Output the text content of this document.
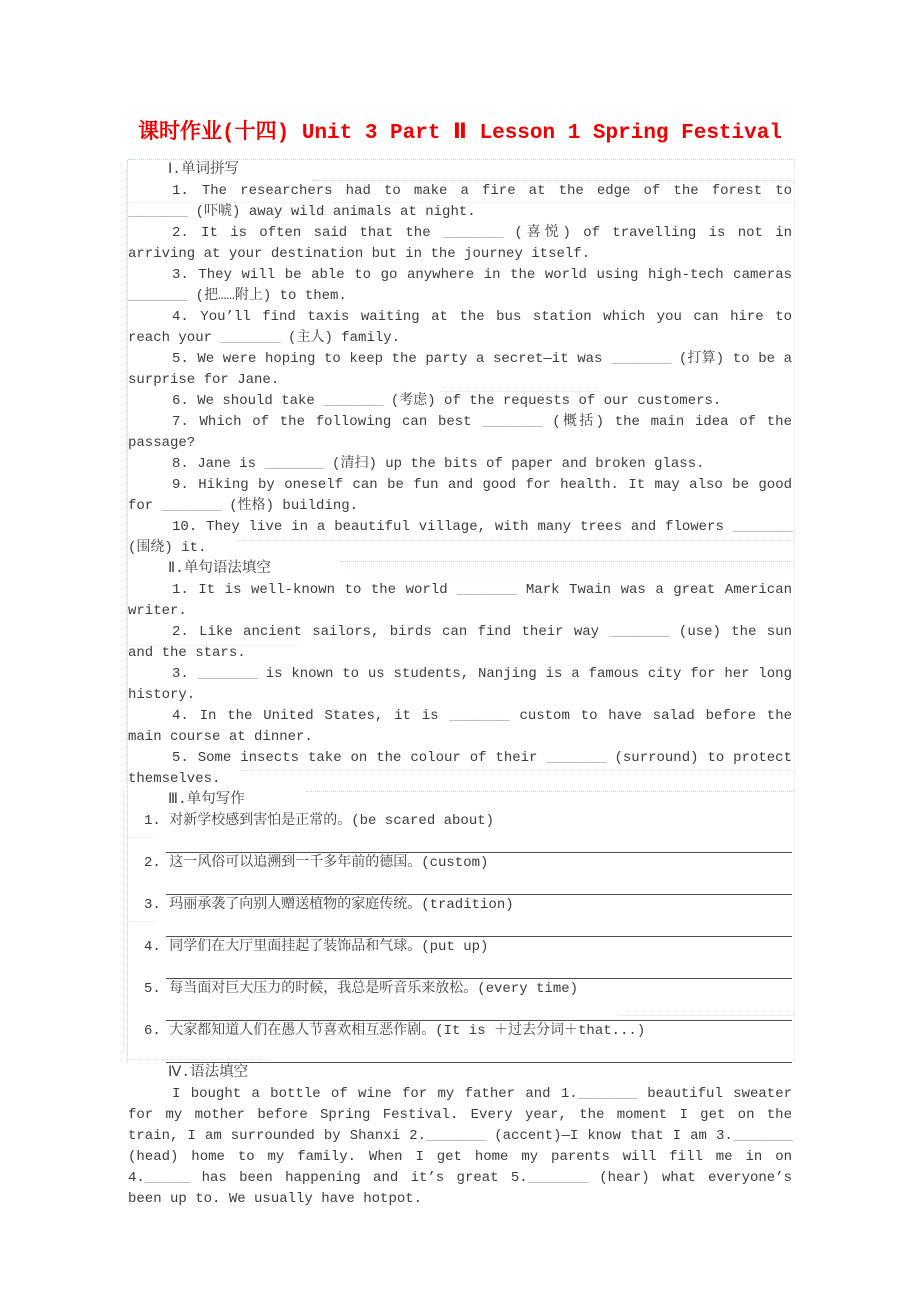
课时作业(十四) Unit 3 Part Ⅱ Lesson 1 Spring Festival

Ⅰ.单词拼写

1. The researchers had to make a fire at the edge of the forest to ________ (吓唬) away wild animals at night.

2. It is often said that the ________ (喜悦) of travelling is not in arriving at your destination but in the journey itself.

3. They will be able to go anywhere in the world using high-tech cameras ________ (把……附上) to them.

4. You’ll find taxis waiting at the bus station which you can hire to reach your ________ (主人) family.

5. We were hoping to keep the party a secret—it was ________ (打算) to be a surprise for Jane.

6. We should take ________ (考虑) of the requests of our customers.

7. Which of the following can best ________ (概括) the main idea of the passage?

8. Jane is ________ (清扫) up the bits of paper and broken glass.

9. Hiking by oneself can be fun and good for health. It may also be good for ________ (性格) building.

10. They live in a beautiful village, with many trees and flowers ________ (围绕) it.

Ⅱ.单句语法填空

1. It is well-known to the world ________ Mark Twain was a great American writer.

2. Like ancient sailors, birds can find their way ________ (use) the sun and the stars.

3. ________ is known to us students, Nanjing is a famous city for her long history.

4. In the United States, it is ________ custom to have salad before the main course at dinner.

5. Some insects take on the colour of their ________ (surround) to protect themselves.

Ⅲ.单句写作

1. 对新学校感到害怕是正常的。(be scared about)

2. 这一风俗可以追溯到一千多年前的德国。(custom)

3. 玛丽承袭了向别人赠送植物的家庭传统。(tradition)

4. 同学们在大厅里面挂起了装饰品和气球。(put up)

5. 每当面对巨大压力的时候，我总是听音乐来放松。(every time)

6. 大家都知道人们在愚人节喜欢相互恶作剧。(It is ＋过去分词＋that...)

Ⅳ.语法填空

I bought a bottle of wine for my father and 1.________ beautiful sweater for my mother before Spring Festival. Every year, the moment I get on the train, I am surrounded by Shanxi 2.________ (accent)—I know that I am 3.________ (head) home to my family. When I get home my parents will fill me in on 4.______ has been happening and it’s great 5.________ (hear) what everyone’s been up to. We usually have hotpot.
